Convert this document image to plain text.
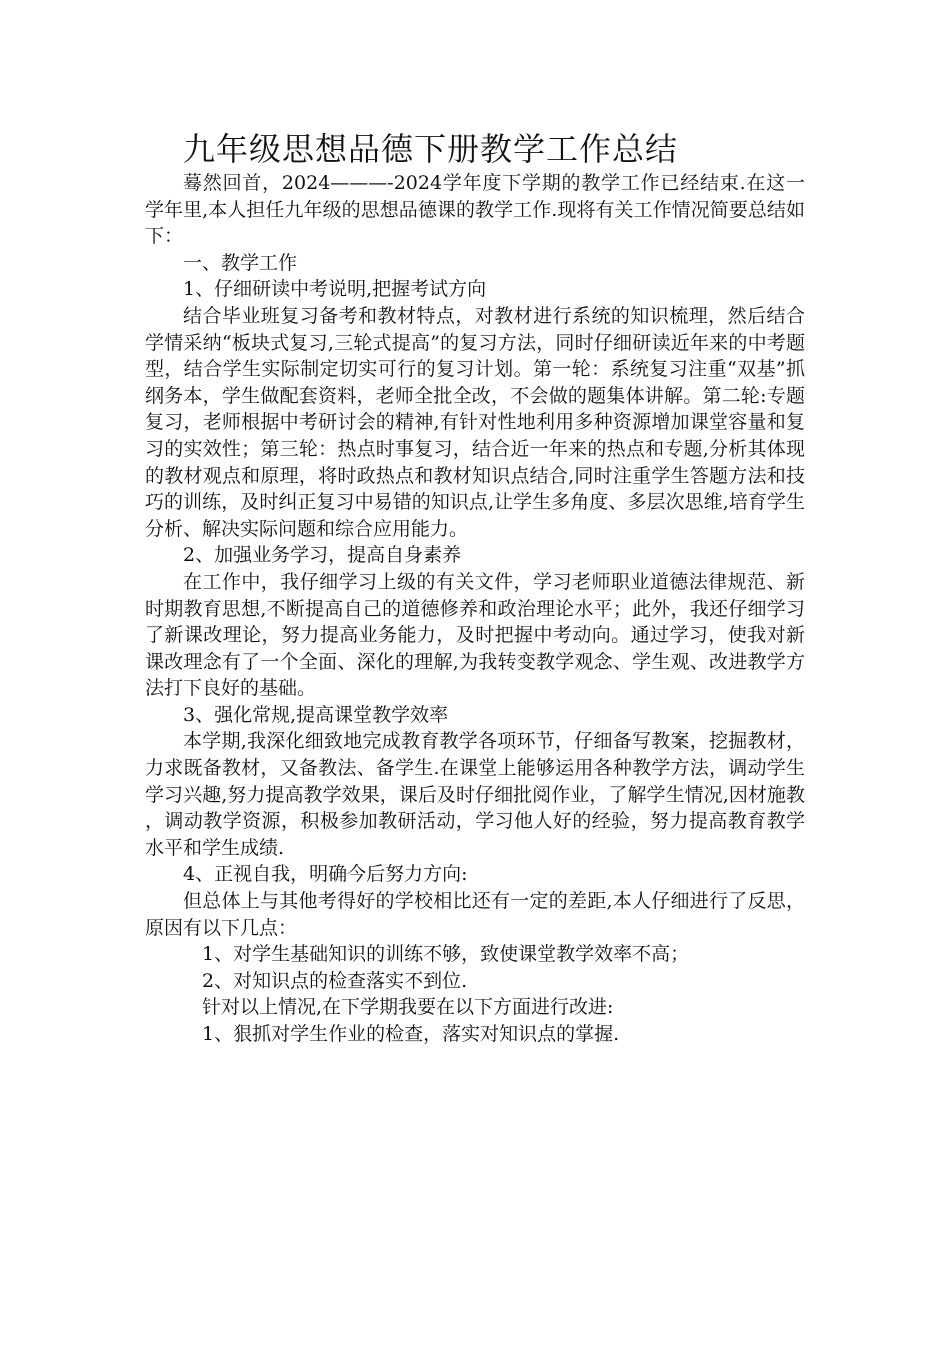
九年级思想品德下册教学工作总结

蓦然回首，2024———-2024学年度下学期的教学工作已经结束.在这一学年里,本人担任九年级的思想品德课的教学工作.现将有关工作情况简要总结如下：

一、教学工作

1、仔细研读中考说明,把握考试方向

结合毕业班复习备考和教材特点，对教材进行系统的知识梳理，然后结合学情采纳“板块式复习,三轮式提高”的复习方法，同时仔细研读近年来的中考题型，结合学生实际制定切实可行的复习计划。第一轮：系统复习注重“双基”抓纲务本，学生做配套资料，老师全批全改，不会做的题集体讲解。第二轮:专题复习，老师根据中考研讨会的精神,有针对性地利用多种资源增加课堂容量和复习的实效性；第三轮：热点时事复习，结合近一年来的热点和专题,分析其体现的教材观点和原理，将时政热点和教材知识点结合,同时注重学生答题方法和技巧的训练，及时纠正复习中易错的知识点,让学生多角度、多层次思维,培育学生分析、解决实际问题和综合应用能力。

2、加强业务学习，提高自身素养

在工作中，我仔细学习上级的有关文件，学习老师职业道德法律规范、新时期教育思想,不断提高自己的道德修养和政治理论水平；此外，我还仔细学习了新课改理论，努力提高业务能力，及时把握中考动向。通过学习，使我对新课改理念有了一个全面、深化的理解,为我转变教学观念、学生观、改进教学方法打下良好的基础。

3、强化常规,提高课堂教学效率

本学期,我深化细致地完成教育教学各项环节，仔细备写教案，挖掘教材，力求既备教材，又备教法、备学生.在课堂上能够运用各种教学方法，调动学生学习兴趣,努力提高教学效果，课后及时仔细批阅作业，了解学生情况,因材施教，调动教学资源，积极参加教研活动，学习他人好的经验，努力提高教育教学水平和学生成绩.

4、正视自我，明确今后努力方向:

但总体上与其他考得好的学校相比还有一定的差距,本人仔细进行了反思，原因有以下几点：

1、对学生基础知识的训练不够，致使课堂教学效率不高；

2、对知识点的检查落实不到位.

针对以上情况,在下学期我要在以下方面进行改进:

1、狠抓对学生作业的检查，落实对知识点的掌握.
